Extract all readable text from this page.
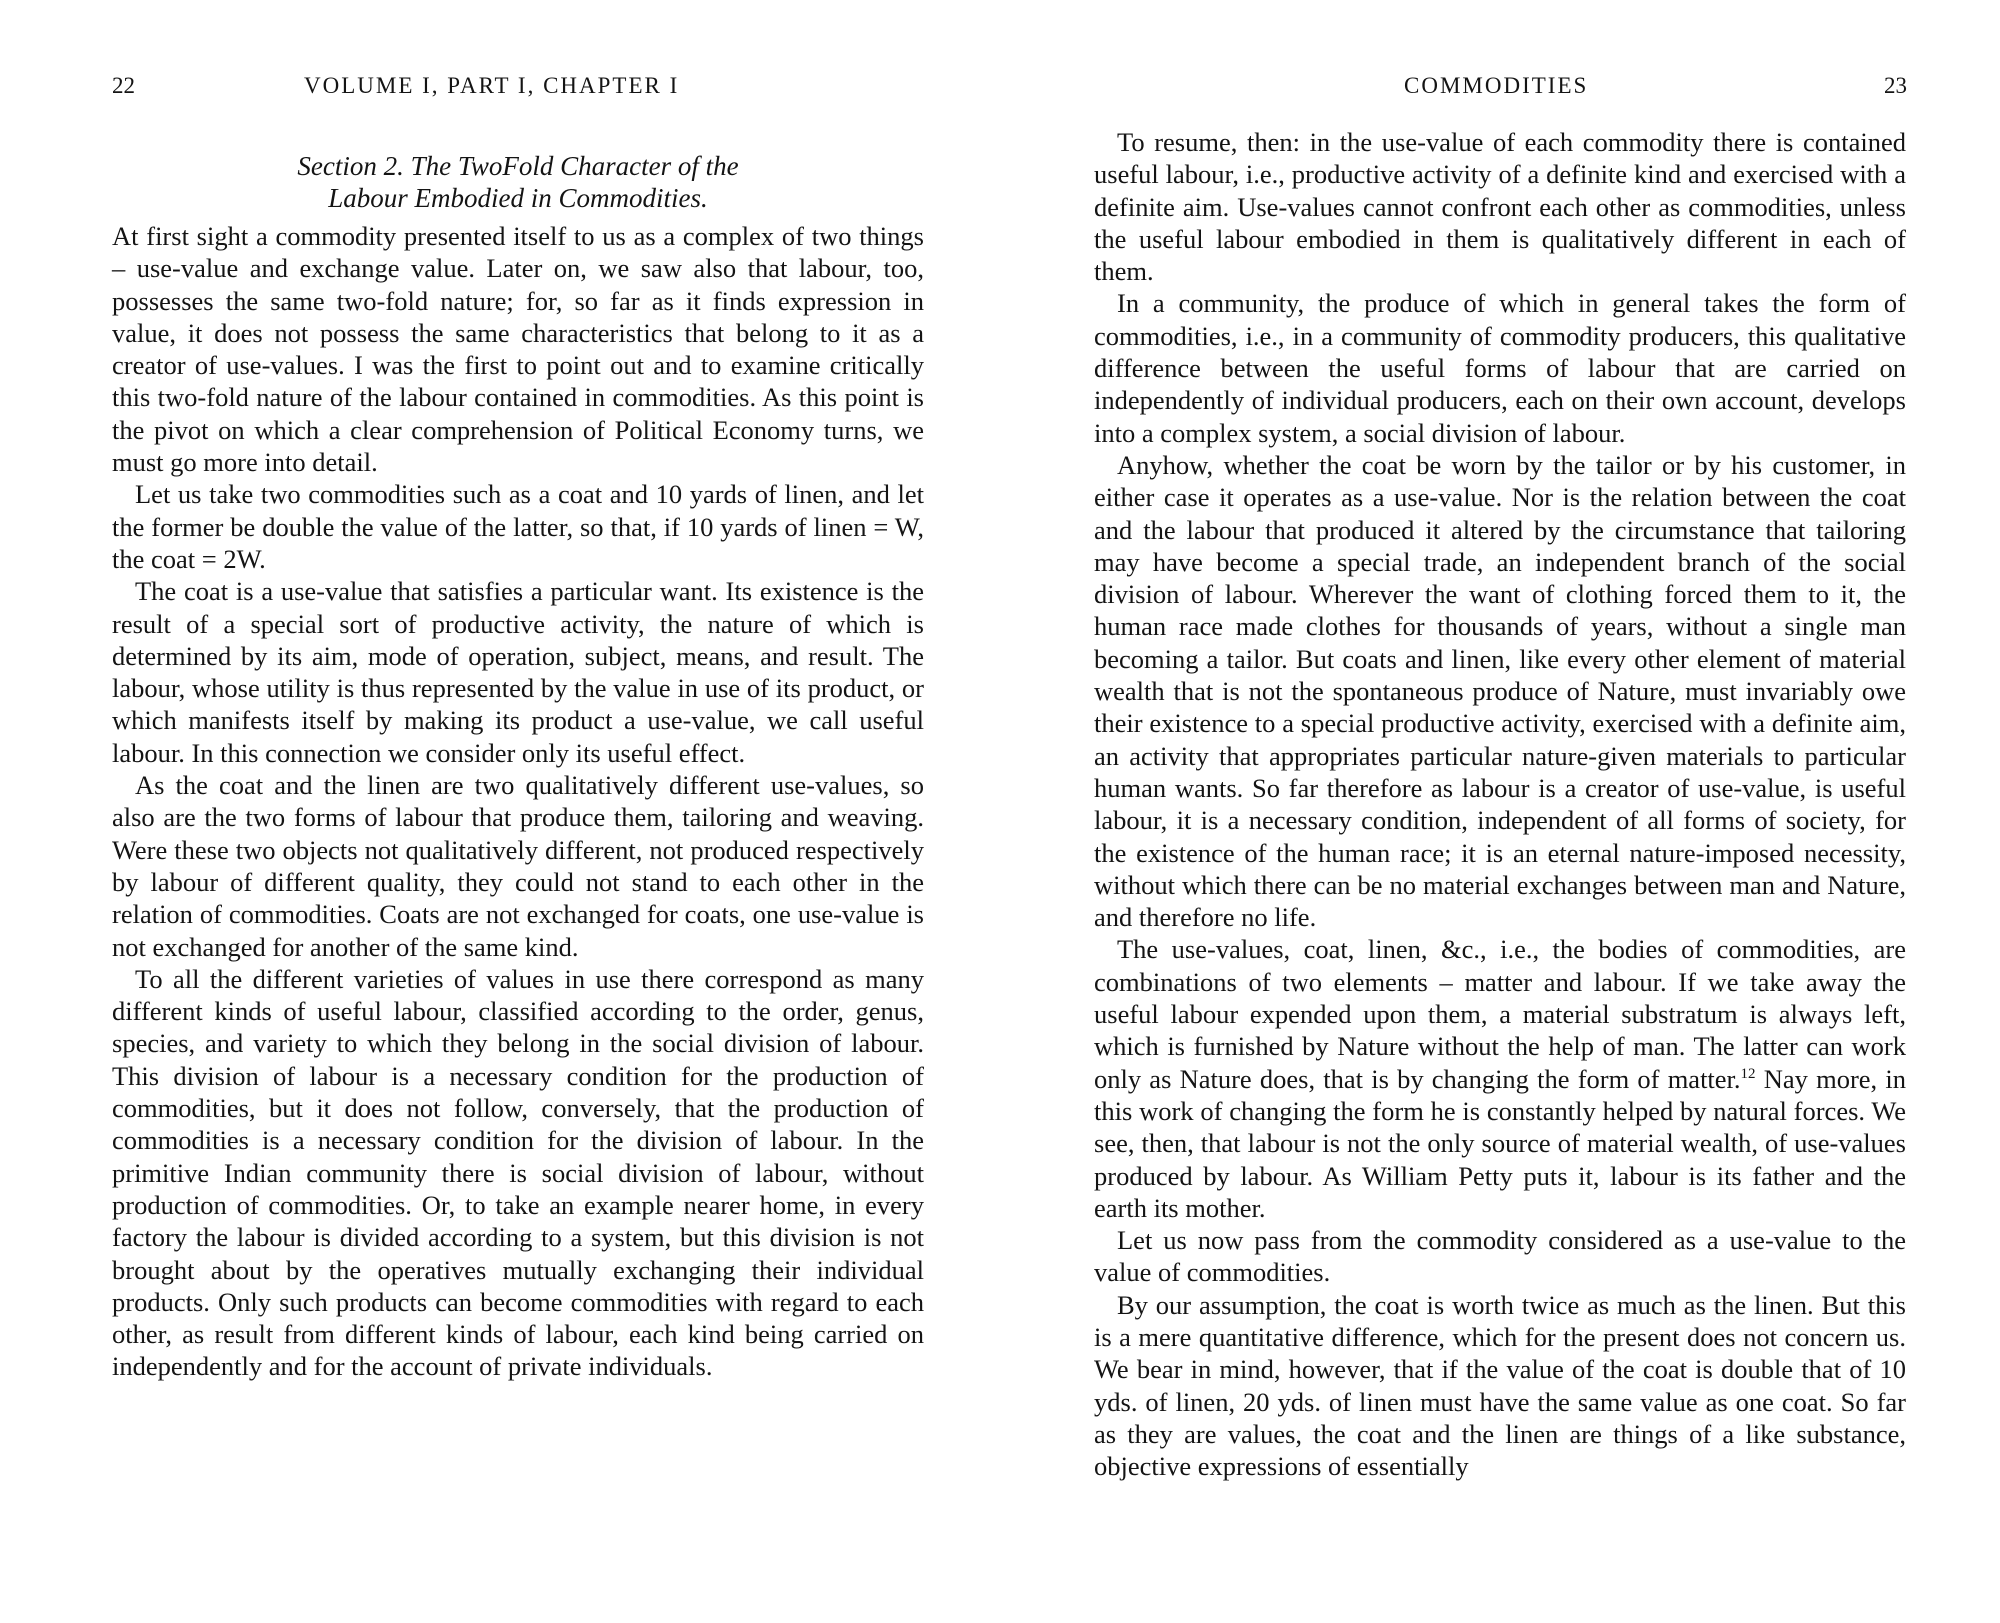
22	VOLUME I, PART I, CHAPTER I
Section 2. The TwoFold Character of the
Labour Embodied in Commodities.

At first sight a commodity presented itself to us as a complex of two things – use-value and exchange value. Later on, we saw also that labour, too, possesses the same two-fold nature; for, so far as it finds expression in value, it does not possess the same characteristics that belong to it as a creator of use-values. I was the first to point out and to examine critically this two-fold nature of the labour contained in commodities. As this point is the pivot on which a clear comprehension of Political Economy turns, we must go more into detail.

Let us take two commodities such as a coat and 10 yards of linen, and let the former be double the value of the latter, so that, if 10 yards of linen = W, the coat = 2W.

The coat is a use-value that satisfies a particular want. Its existence is the result of a special sort of productive activity, the nature of which is determined by its aim, mode of operation, subject, means, and result. The labour, whose utility is thus represented by the value in use of its product, or which manifests itself by making its product a use-value, we call useful labour. In this connection we consider only its useful effect.

As the coat and the linen are two qualitatively different use-values, so also are the two forms of labour that produce them, tailoring and weaving. Were these two objects not qualitatively different, not produced respectively by labour of different quality, they could not stand to each other in the relation of commodities. Coats are not exchanged for coats, one use-value is not exchanged for another of the same kind.

To all the different varieties of values in use there correspond as many different kinds of useful labour, classified according to the order, genus, species, and variety to which they belong in the social division of labour. This division of labour is a necessary condition for the production of commodities, but it does not follow, conversely, that the production of commodities is a necessary condition for the division of labour. In the primitive Indian community there is social division of labour, without production of commodities. Or, to take an example nearer home, in every factory the labour is divided according to a system, but this division is not brought about by the operatives mutually exchanging their individual products. Only such products can become commodities with regard to each other, as result from different kinds of labour, each kind being carried on independently and for the account of private individuals.

COMMODITIES	23

To resume, then: in the use-value of each commodity there is contained useful labour, i.e., productive activity of a definite kind and exercised with a definite aim. Use-values cannot confront each other as commodities, unless the useful labour embodied in them is qualitatively different in each of them.

In a community, the produce of which in general takes the form of commodities, i.e., in a community of commodity producers, this qualitative difference between the useful forms of labour that are carried on independently of individual producers, each on their own account, develops into a complex system, a social division of labour.

Anyhow, whether the coat be worn by the tailor or by his customer, in either case it operates as a use-value. Nor is the relation between the coat and the labour that produced it altered by the circumstance that tailoring may have become a special trade, an independent branch of the social division of labour. Wherever the want of clothing forced them to it, the human race made clothes for thousands of years, without a single man becoming a tailor. But coats and linen, like every other element of material wealth that is not the spontaneous produce of Nature, must invariably owe their existence to a special productive activity, exercised with a definite aim, an activity that appropriates particular nature-given materials to particular human wants. So far therefore as labour is a creator of use-value, is useful labour, it is a necessary condition, independent of all forms of society, for the existence of the human race; it is an eternal nature-imposed necessity, without which there can be no material exchanges between man and Nature, and therefore no life.

The use-values, coat, linen, &c., i.e., the bodies of commodities, are combinations of two elements – matter and labour. If we take away the useful labour expended upon them, a material substratum is always left, which is furnished by Nature without the help of man. The latter can work only as Nature does, that is by changing the form of matter.$^{12}$ Nay more, in this work of changing the form he is constantly helped by natural forces. We see, then, that labour is not the only source of material wealth, of use-values produced by labour. As William Petty puts it, labour is its father and the earth its mother.

Let us now pass from the commodity considered as a use-value to the value of commodities.

By our assumption, the coat is worth twice as much as the linen. But this is a mere quantitative difference, which for the present does not concern us. We bear in mind, however, that if the value of the coat is double that of 10 yds. of linen, 20 yds. of linen must have the same value as one coat. So far as they are values, the coat and the linen are things of a like substance, objective expressions of essentially
